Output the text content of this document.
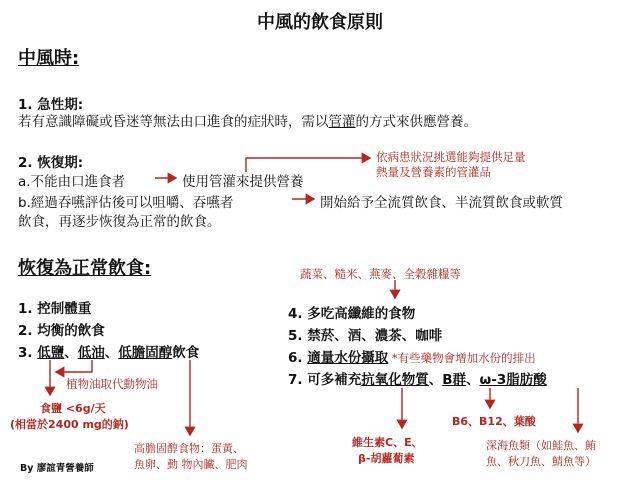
中風的飲食原則
中風時:
1. 急性期:
若有意識障礙或昏迷等無法由口進食的症狀時，需以管灌的方式來供應營養。
2. 恢復期:
a.不能由口進食者	使用管灌來提供營養
b.經過吞嚥評估後可以咀嚼、吞嚥者	開始給予全流質飲食、半流質飲食或軟質
飲食，再逐步恢復為正常的飲食。
依病患狀況挑選能夠提供足量
熱量及營養素的管灌品
恢復為正常飲食:	蔬菜、糙米、燕麥、全穀雜糧等
1. 控制體重
2. 均衡的飲食
3. 低鹽、低油、低膽固醇飲食
4. 多吃高纖維的食物
5. 禁菸、酒、濃茶、咖啡
6. 適量水份攝取 *有些藥物會增加水份的排出
7. 可多補充抗氧化物質、B群、ω-3脂肪酸
植物油取代動物油
食鹽 <6g/天
(相當於2400 mg的鈉)
高膽固醇食物：蛋黃、
魚卵、動 物內臟、肥肉
維生素C、E、
β-胡蘿蔔素
B6、B12、葉酸
深海魚類（如鮭魚、鮪
魚、秋刀魚、鯖魚等）
By 廖誼青營養師
